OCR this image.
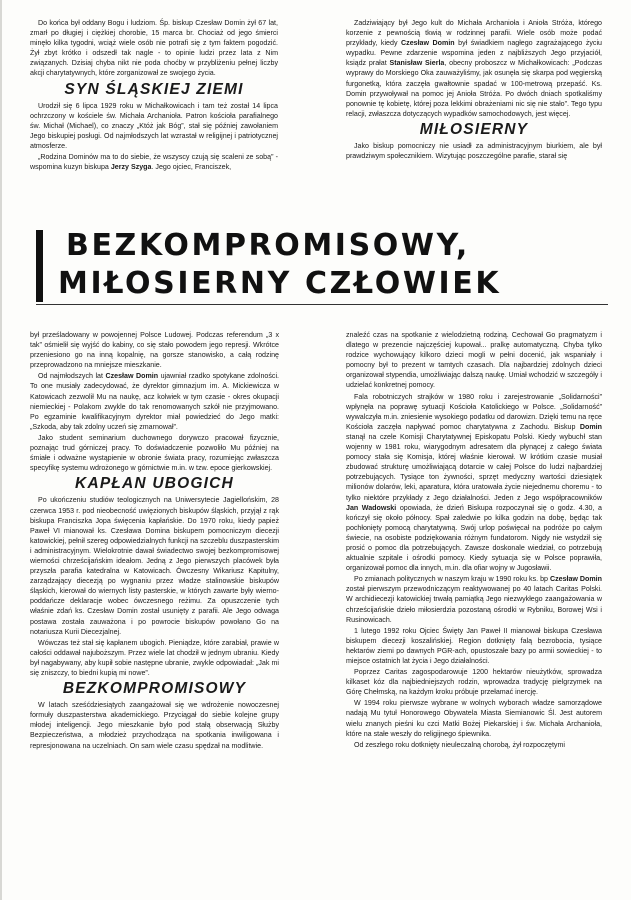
Do końca był oddany Bogu i ludziom. Śp. biskup Czesław Domin żył 67 lat, zmarł po długiej i ciężkiej chorobie, 15 marca br. Chociaż od jego śmierci minęło kilka tygodni, wciąż wiele osób nie potrafi się z tym faktem pogodzić. Żył zbyt krótko i odszedł tak nagle - to opinie ludzi przez lata z Nim związanych. Dzisiaj chyba nikt nie poda choćby w przybliżeniu pełnej liczby akcji charytatywnych, które zorganizował ze swojego życia.

SYN ŚLĄSKIEJ ZIEMI

Urodził się 6 lipca 1929 roku w Michałkowicach i tam też został 14 lipca ochrzczony w kościele św. Michała Archanioła. Patron kościoła parafialnego św. Michał (Michael), co znaczy „Któż jak Bóg”, stał się później zawołaniem Jego biskupiej posługi. Od najmłodszych lat wzrastał w religijnej i patriotycznej atmosferze.

„Rodzina Dominów ma to do siebie, że wszyscy czują się scaleni ze sobą” - wspomina kuzyn biskupa Jerzy Szyga. Jego ojciec, Franciszek,

Zadziwiający był Jego kult do Michała Archanioła i Anioła Stróża, którego korzenie z pewnością tkwią w rodzinnej parafii. Wiele osób może podać przykłady, kiedy Czesław Domin był świadkiem nagłego zagrażającego życiu wypadku. Pewne zdarzenie wspomina jeden z najbliższych Jego przyjaciół, ksiądz prałat Stanisław Sierla, obecny proboszcz w Michałkowicach: „Podczas wyprawy do Morskiego Oka zauważyliśmy, jak osunęła się skarpa pod węgierską furgonetką, która zaczęła gwałtownie spadać w 100-metrową przepaść. Ks. Domin przywoływał na pomoc jej Anioła Stróża. Po dwóch dniach spotkaliśmy ponownie tę kobietę, której poza lekkimi obrażeniami nic się nie stało”. Tego typu relacji, zwłaszcza dotyczących wypadków samochodowych, jest więcej.

MIŁOSIERNY

Jako biskup pomocniczy nie usiadł za administracyjnym biurkiem, ale był prawdziwym społecznikiem. Wizytując poszczególne parafie, starał się

BEZKOMPROMISOWY,
MIŁOSIERNY CZŁOWIEK

był prześladowany w powojennej Polsce Ludowej. Podczas referendum „3 x tak” ośmielił się wyjść do kabiny, co się stało powodem jego represji. Wkrótce przeniesiono go na inną kopalnię, na gorsze stanowisko, a całą rodzinę przeprowadzono na mniejsze mieszkanie.

Od najmłodszych lat Czesław Domin ujawniał rzadko spotykane zdolności. To one musiały zadecydować, że dyrektor gimnazjum im. A. Mickiewicza w Katowicach zezwolił Mu na naukę, acz kolwiek w tym czasie - okres okupacji niemieckiej - Polakom zwykle do tak renomowanych szkół nie przyjmowano. Po egzaminie kwalifikacyjnym dyrektor miał powiedzieć do Jego matki: „Szkoda, aby tak zdolny uczeń się zmarnował”.

Jako student seminarium duchownego dorywczo pracował fizycznie, poznając trud górniczej pracy. To doświadczenie pozwoliło Mu później na śmiałe i odważne wystąpienie w obronie świata pracy, rozumiejąc zwłaszcza specyfikę systemu wdrożonego w górnictwie m.in. w tzw. epoce gierkowskiej.

KAPŁAN UBOGICH

Po ukończeniu studiów teologicznych na Uniwersytecie Jagiellońskim, 28 czerwca 1953 r. pod nieobecność uwięzionych biskupów śląskich, przyjął z rąk biskupa Franciszka Jopa święcenia kapłańskie. Do 1970 roku, kiedy papież Paweł VI mianował ks. Czesława Domina biskupem pomocniczym diecezji katowickiej, pełnił szereg odpowiedzialnych funkcji na szczeblu duszpasterskim i administracyjnym. Wielokrotnie dawał świadectwo swojej bezkompromisowej wierności chrześcijańskim ideałom. Jedną z Jego pierwszych placówek była przyszła parafia katedralna w Katowicach. Ówczesny Wikariusz Kapitulny, zarządzający diecezją po wygnaniu przez władze stalinowskie biskupów śląskich, kierował do wiernych listy pasterskie, w których zawarte były wiernopoddańcze deklaracje wobec ówczesnego reżimu. Za opuszczenie tych właśnie zdań ks. Czesław Domin został usunięty z parafii. Ale Jego odwaga postawa została zauważona i po powrocie biskupów powołano Go na notariusza Kurii Diecezjalnej.

Wówczas też stał się kapłanem ubogich. Pieniądze, które zarabiał, prawie w całości oddawał najuboższym. Przez wiele lat chodził w jednym ubraniu. Kiedy był nagabywany, aby kupił sobie następne ubranie, zwykle odpowiadał: „Jak mi się zniszczy, to biedni kupią mi nowe”.

BEZKOMPROMISOWY

W latach sześćdziesiątych zaangażował się we wdrożenie nowoczesnej formuły duszpasterstwa akademickiego. Przyciągał do siebie kolejne grupy młodej inteligencji. Jego mieszkanie było pod stałą obserwacją Służby Bezpieczeństwa, a młodzież przychodząca na spotkania inwiligowana i represjonowana na uczelniach. On sam wiele czasu spędzał na modlitwie.

znaleźć czas na spotkanie z wielodzietną rodziną. Cechował Go pragmatyzm i dlatego w prezencie najczęściej kupował... pralkę automatyczną. Chyba tylko rodzice wychowujący kilkoro dzieci mogli w pełni docenić, jak wspaniały i pomocny był to prezent w tamtych czasach. Dla najbardziej zdolnych dzieci organizował stypendia, umożliwiając dalszą naukę. Umiał wchodzić w szczegóły i udzielać konkretnej pomocy.

Fala robotniczych strajków w 1980 roku i zarejestrowanie „Solidarności” wpłynęła na poprawę sytuacji Kościoła Katolickiego w Polsce. „Solidarność” wywalczyła m.in. zniesienie wysokiego podatku od darowizn. Dzięki temu na ręce Kościoła zaczęła napływać pomoc charytatywna z Zachodu. Biskup Domin stanął na czele Komisji Charytatywnej Episkopatu Polski. Kiedy wybuchł stan wojenny w 1981 roku, wiarygodnym adresatem dla płynącej z całego świata pomocy stała się Komisja, której właśnie kierował. W krótkim czasie musiał zbudować strukturę umożliwiającą dotarcie w całej Polsce do ludzi najbardziej potrzebujących. Tysiące ton żywności, sprzęt medyczny wartości dziesiątek milionów dolarów, leki, aparatura, która uratowała życie niejednemu choremu - to tylko niektóre przykłady z Jego działalności. Jeden z Jego współpracowników Jan Wadowski opowiada, że dzień Biskupa rozpoczynał się o godz. 4.30, a kończył się około północy. Spał zaledwie po kilka godzin na dobę, będąc tak pochłonięty pomocą charytatywną. Swój urlop poświęcał na podróże po całym świecie, na osobiste podziękowania różnym fundatorom. Nigdy nie wstydził się prosić o pomoc dla potrzebujących. Zawsze doskonale wiedział, co potrzebują aktualnie szpitale i ośrodki pomocy. Kiedy sytuacja się w Polsce poprawiła, organizował pomoc dla innych, m.in. dla ofiar wojny w Jugosławii.

Po zmianach politycznych w naszym kraju w 1990 roku ks. bp Czesław Domin został pierwszym przewodniczącym reaktywowanej po 40 latach Caritas Polski. W archidiecezji katowickiej trwałą pamiątką Jego niezwykłego zaangażowania w chrześcijańskie dzieło miłosierdzia pozostaną ośrodki w Rybniku, Borowej Wsi i Rusinowicach.

1 lutego 1992 roku Ojciec Święty Jan Paweł II mianował biskupa Czesława biskupem diecezji koszalińskiej. Region dotknięty falą bezrobocia, tysiące hektarów ziemi po dawnych PGR-ach, opustoszałe bazy po armii sowieckiej - to miejsce ostatnich lat życia i Jego działalności.

Poprzez Caritas zagospodarowuje 1200 hektarów nieużytków, sprowadza kilkaset kóz dla najbiedniejszych rodzin, wprowadza tradycję pielgrzymek na Górę Chełmską, na każdym kroku próbuje przełamać inercję.

W 1994 roku pierwsze wybrane w wolnych wyborach władze samorządowe nadają Mu tytuł Honorowego Obywatela Miasta Siemianowic Śl. Jest autorem wielu znanych pieśni ku czci Matki Bożej Piekarskiej i św. Michała Archanioła, które na stałe weszły do religijnego śpiewnika.

Od zeszłego roku dotknięty nieuleczalną chorobą, żył rozpoczętymi
